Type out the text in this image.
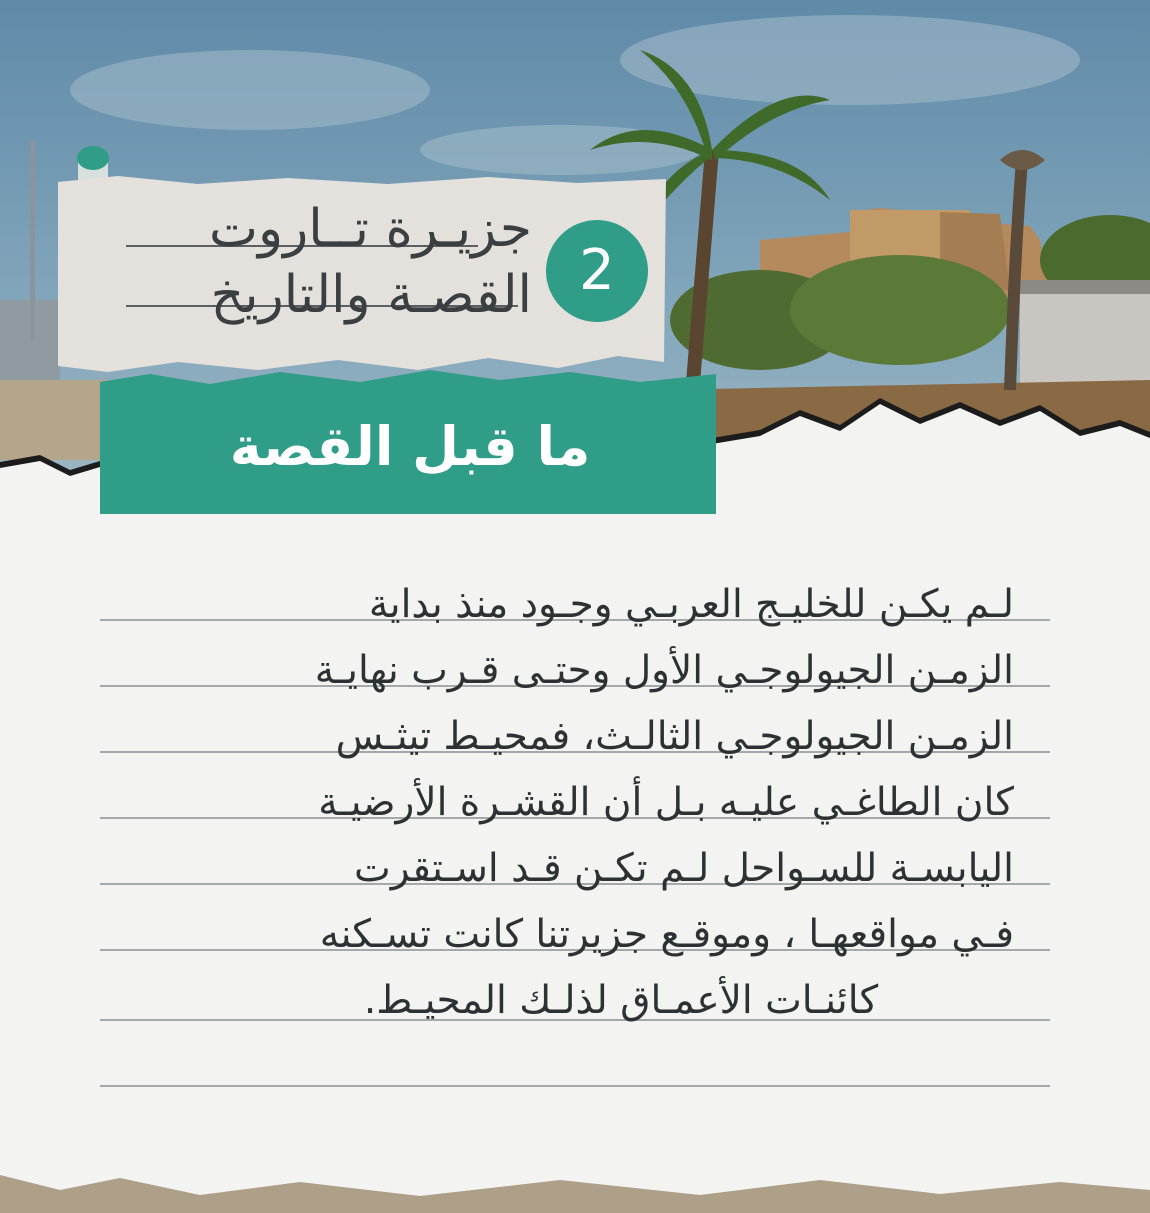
جزيـرة تــاروت
القصـة والتاريخ 2
ما قبل القصة
لـم يكـن للخليـج العربـي وجـود منذ بداية
الزمـن الجيولوجـي الأول وحتـى قـرب نهايـة
الزمـن الجيولوجـي الثالـث، فمحيـط تيثـس
كان الطاغـي عليـه بـل أن القشـرة الأرضيـة
اليابسـة للسـواحل لـم تكـن قـد اسـتقرت
فـي مواقعهـا ، وموقـع جزيرتنا كانت تسـكنه
كائنـات الأعمـاق لذلـك المحيـط.
